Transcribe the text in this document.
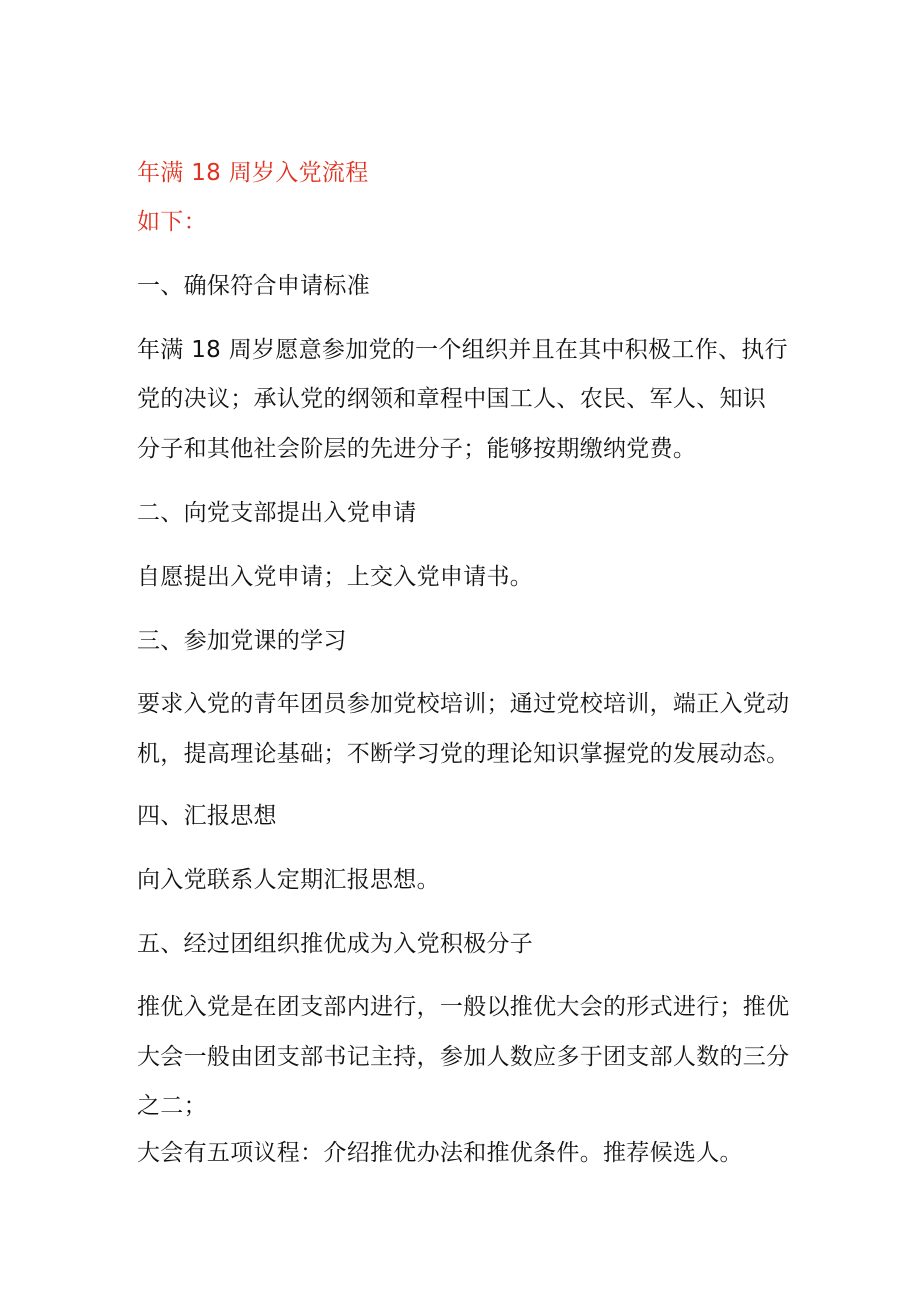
年满 18 周岁入党流程
如下：
一、确保符合申请标准
年满 18 周岁愿意参加党的一个组织并且在其中积极工作、执行
党的决议；承认党的纲领和章程中国工人、农民、军人、知识
分子和其他社会阶层的先进分子；能够按期缴纳党费。
二、向党支部提出入党申请
自愿提出入党申请；上交入党申请书。
三、参加党课的学习
要求入党的青年团员参加党校培训；通过党校培训，端正入党动
机，提高理论基础；不断学习党的理论知识掌握党的发展动态。
四、汇报思想
向入党联系人定期汇报思想。
五、经过团组织推优成为入党积极分子
推优入党是在团支部内进行，一般以推优大会的形式进行；推优
大会一般由团支部书记主持，参加人数应多于团支部人数的三分
之二；
大会有五项议程：介绍推优办法和推优条件。推荐候选人。
